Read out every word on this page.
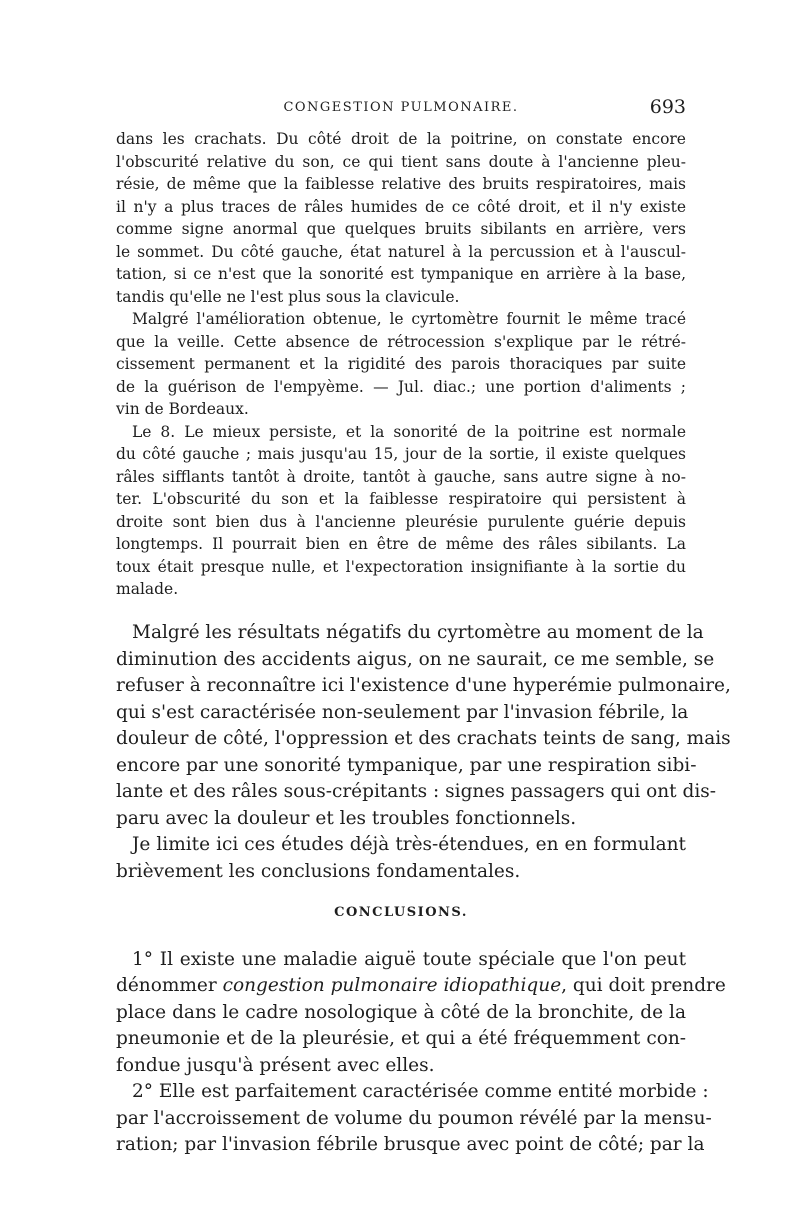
CONGESTION PULMONAIRE.	693
dans les crachats. Du côté droit de la poitrine, on constate encore
l'obscurité relative du son, ce qui tient sans doute à l'ancienne pleu-
résie, de même que la faiblesse relative des bruits respiratoires, mais
il n'y a plus traces de râles humides de ce côté droit, et il n'y existe
comme signe anormal que quelques bruits sibilants en arrière, vers
le sommet. Du côté gauche, état naturel à la percussion et à l'auscul-
tation, si ce n'est que la sonorité est tympanique en arrière à la base,
tandis qu'elle ne l'est plus sous la clavicule.
Malgré l'amélioration obtenue, le cyrtomètre fournit le même tracé
que la veille. Cette absence de rétrocession s'explique par le rétré-
cissement permanent et la rigidité des parois thoraciques par suite
de la guérison de l'empyème. — Jul. diac.; une portion d'aliments ;
vin de Bordeaux.
Le 8. Le mieux persiste, et la sonorité de la poitrine est normale
du côté gauche ; mais jusqu'au 15, jour de la sortie, il existe quelques
râles sifflants tantôt à droite, tantôt à gauche, sans autre signe à no-
ter. L'obscurité du son et la faiblesse respiratoire qui persistent à
droite sont bien dus à l'ancienne pleurésie purulente guérie depuis
longtemps. Il pourrait bien en être de même des râles sibilants. La
toux était presque nulle, et l'expectoration insignifiante à la sortie du
malade.
Malgré les résultats négatifs du cyrtomètre au moment de la
diminution des accidents aigus, on ne saurait, ce me semble, se
refuser à reconnaître ici l'existence d'une hyperémie pulmonaire,
qui s'est caractérisée non-seulement par l'invasion fébrile, la
douleur de côté, l'oppression et des crachats teints de sang, mais
encore par une sonorité tympanique, par une respiration sibi-
lante et des râles sous-crépitants : signes passagers qui ont dis-
paru avec la douleur et les troubles fonctionnels.
Je limite ici ces études déjà très-étendues, en en formulant
brièvement les conclusions fondamentales.
CONCLUSIONS.
1° Il existe une maladie aiguë toute spéciale que l'on peut
dénommer congestion pulmonaire idiopathique, qui doit prendre
place dans le cadre nosologique à côté de la bronchite, de la
pneumonie et de la pleurésie, et qui a été fréquemment con-
fondue jusqu'à présent avec elles.
2° Elle est parfaitement caractérisée comme entité morbide :
par l'accroissement de volume du poumon révélé par la mensu-
ration; par l'invasion fébrile brusque avec point de côté; par la
